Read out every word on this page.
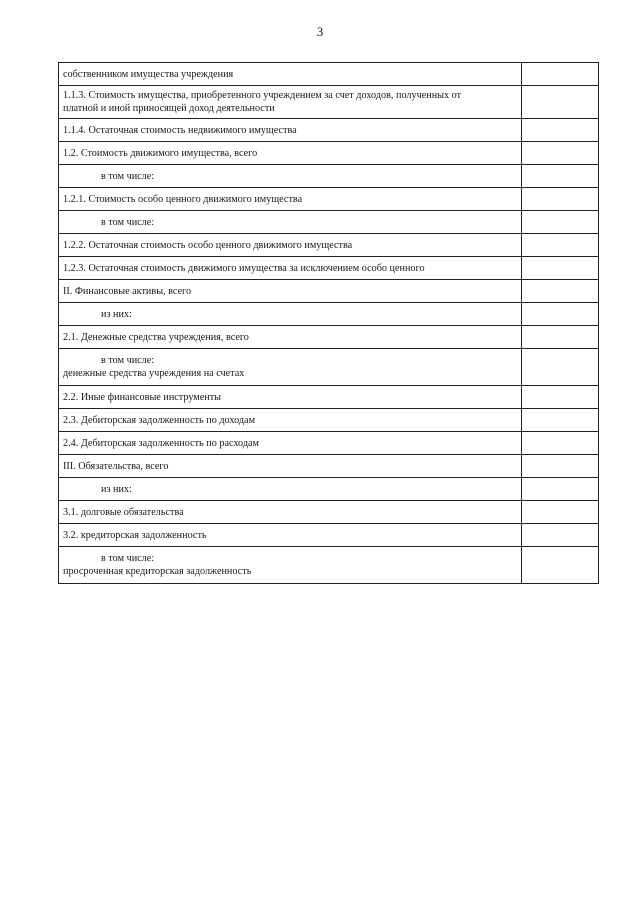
3
собственником имущества учреждения	

1.1.3. Стоимость имущества, приобретенного учреждением за счет доходов, полученных от
платной и иной приносящей доход деятельности	

1.1.4. Остаточная стоимость недвижимого имущества	

1.2. Стоимость движимого имущества, всего	

в том числе:	

1.2.1. Стоимость особо ценного движимого имущества	

в том числе:	

1.2.2. Остаточная стоимость особо ценного движимого имущества	

1.2.3. Остаточная стоимость движимого имущества за исключением особо ценного	

II. Финансовые активы, всего	

из них:	

2.1. Денежные средства учреждения, всего	

в том числе:
денежные средства учреждения на счетах	

2.2. Иные финансовые инструменты	

2.3. Дебиторская задолженность по доходам	

2.4. Дебиторская задолженность по расходам	

III. Обязательства, всего	

из них:	

3.1. долговые обязательства	

3.2. кредиторская задолженность	

в том числе:
просроченная кредиторская задолженность	
